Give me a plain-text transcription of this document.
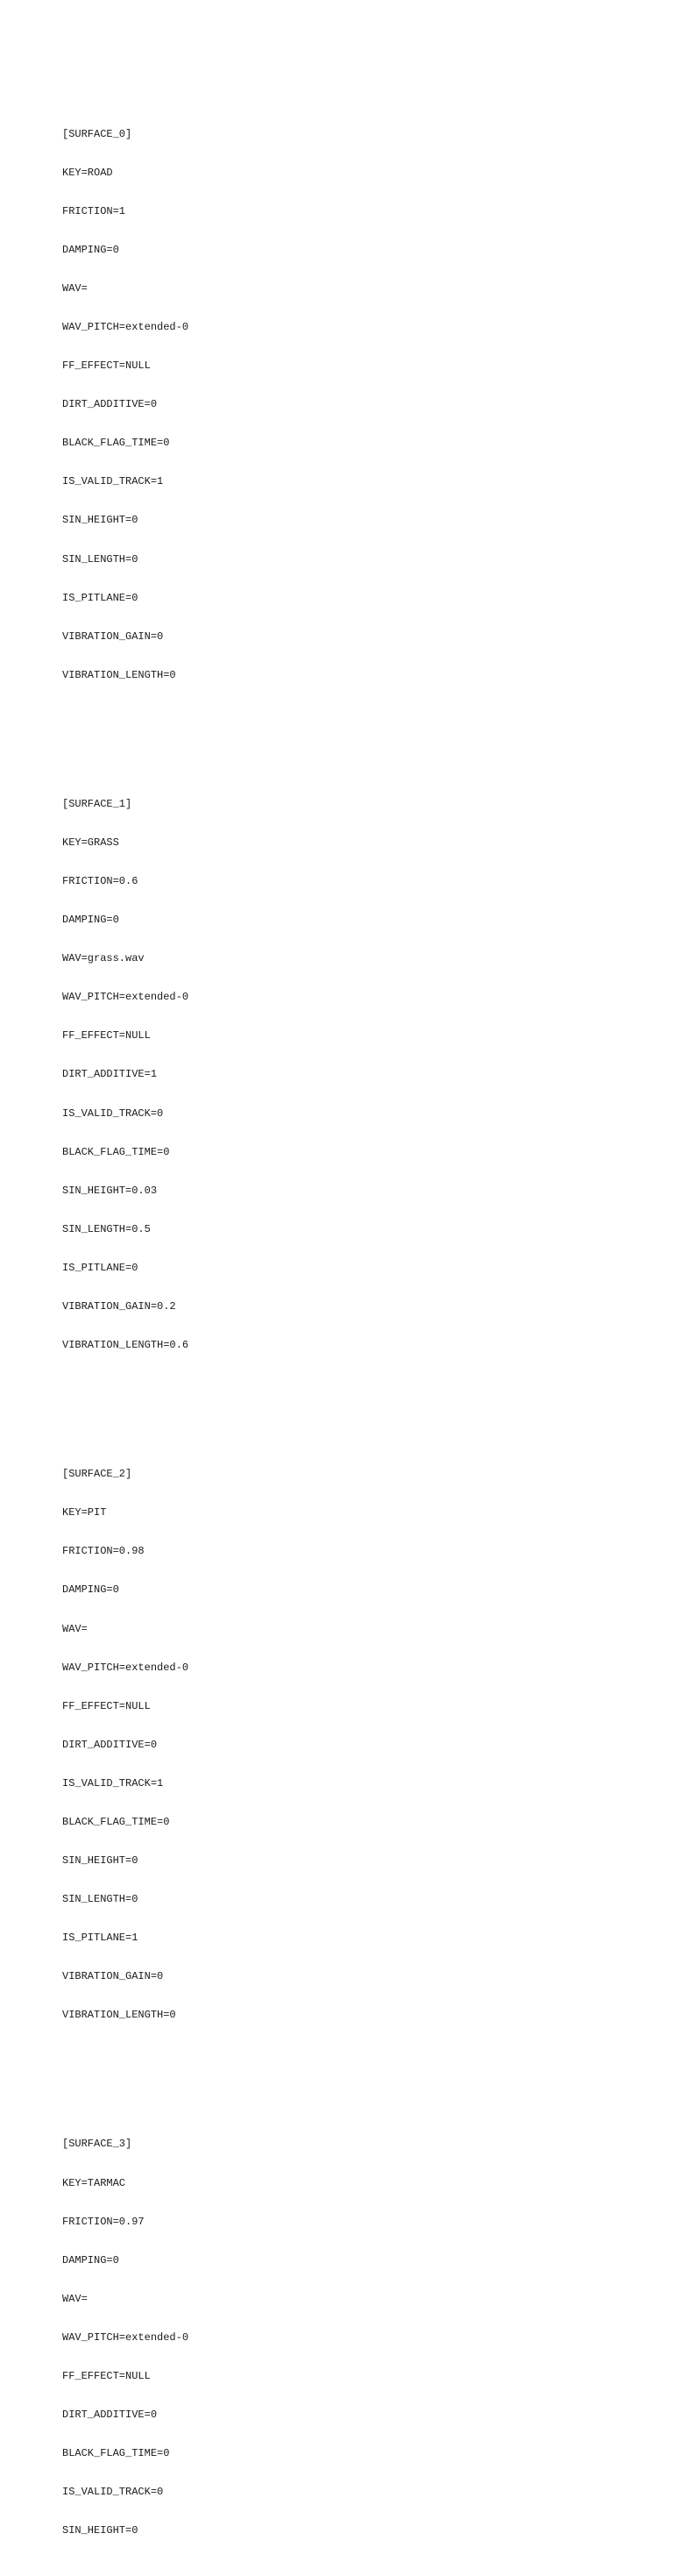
[SURFACE_0]

KEY=ROAD

FRICTION=1

DAMPING=0

WAV=

WAV_PITCH=extended-0

FF_EFFECT=NULL

DIRT_ADDITIVE=0

BLACK_FLAG_TIME=0

IS_VALID_TRACK=1

SIN_HEIGHT=0

SIN_LENGTH=0

IS_PITLANE=0

VIBRATION_GAIN=0

VIBRATION_LENGTH=0

[SURFACE_1]

KEY=GRASS

FRICTION=0.6

DAMPING=0

WAV=grass.wav

WAV_PITCH=extended-0

FF_EFFECT=NULL

DIRT_ADDITIVE=1

IS_VALID_TRACK=0

BLACK_FLAG_TIME=0

SIN_HEIGHT=0.03

SIN_LENGTH=0.5

IS_PITLANE=0

VIBRATION_GAIN=0.2

VIBRATION_LENGTH=0.6

[SURFACE_2]

KEY=PIT

FRICTION=0.98

DAMPING=0

WAV=

WAV_PITCH=extended-0

FF_EFFECT=NULL

DIRT_ADDITIVE=0

IS_VALID_TRACK=1

BLACK_FLAG_TIME=0

SIN_HEIGHT=0

SIN_LENGTH=0

IS_PITLANE=1

VIBRATION_GAIN=0

VIBRATION_LENGTH=0

[SURFACE_3]

KEY=TARMAC

FRICTION=0.97

DAMPING=0

WAV=

WAV_PITCH=extended-0

FF_EFFECT=NULL

DIRT_ADDITIVE=0

BLACK_FLAG_TIME=0

IS_VALID_TRACK=0

SIN_HEIGHT=0
